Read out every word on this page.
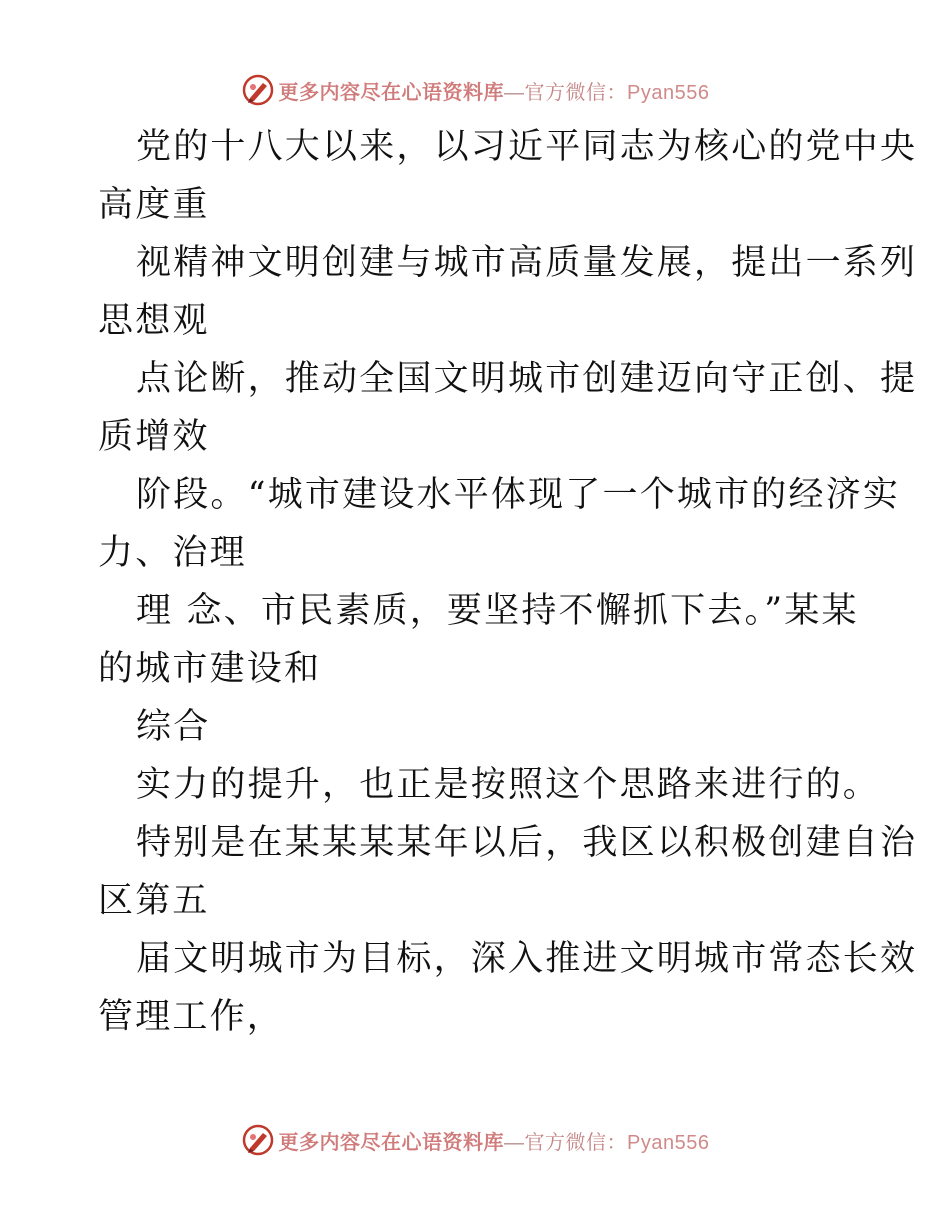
更多内容尽在心语资料库—官方微信：Pyan556
党的十八大以来，以习近平同志为核心的党中央
高度重
视精神文明创建与城市高质量发展，提出一系列
思想观
点论断，推动全国文明城市创建迈向守正创、提
质增效
阶段。“城市建设水平体现了一个城市的经济实
力、治理
理 念、市民素质，要坚持不懈抓下去。”某某
的城市建设和
综合
实力的提升，也正是按照这个思路来进行的。
特别是在某某某某年以后，我区以积极创建自治
区第五
届文明城市为目标，深入推进文明城市常态长效
管理工作，
更多内容尽在心语资料库—官方微信：Pyan556
